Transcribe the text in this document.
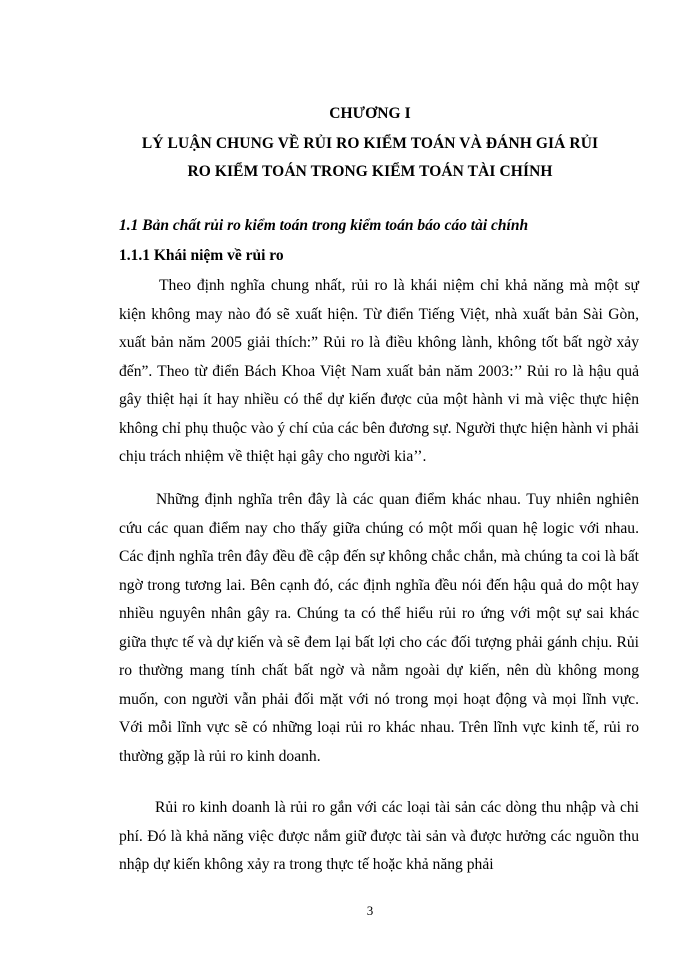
CHƯƠNG I
LÝ LUẬN CHUNG VỀ RỦI RO KIỂM TOÁN VÀ ĐÁNH GIÁ RỦI
RO KIỂM TOÁN TRONG KIỂM TOÁN TÀI CHÍNH
1.1 Bản chất rủi ro kiểm toán trong kiểm toán báo cáo tài chính
1.1.1 Khái niệm về rủi ro

Theo định nghĩa chung nhất, rủi ro là khái niệm chỉ khả năng mà một sự kiện không may nào đó sẽ xuất hiện. Từ điển Tiếng Việt, nhà xuất bản Sài Gòn, xuất bản năm 2005 giải thích:” Rủi ro là điều không lành, không tốt bất ngờ xảy đến”. Theo từ điển Bách Khoa Việt Nam xuất bản năm 2003:’’ Rủi ro là hậu quả gây thiệt hại ít hay nhiều có thể dự kiến được của một hành vi mà việc thực hiện không chỉ phụ thuộc vào ý chí của các bên đương sự. Người thực hiện hành vi phải chịu trách nhiệm về thiệt hại gây cho người kia’’.

Những định nghĩa trên đây là các quan điểm khác nhau. Tuy nhiên nghiên cứu các quan điểm nay cho thấy giữa chúng có một mối quan hệ logic với nhau. Các định nghĩa trên đây đều đề cập đến sự không chắc chắn, mà chúng ta coi là bất ngờ trong tương lai. Bên cạnh đó, các định nghĩa đều nói đến hậu quả do một hay nhiều nguyên nhân gây ra. Chúng ta có thể hiểu rủi ro ứng với một sự sai khác giữa thực tế và dự kiến và sẽ đem lại bất lợi cho các đối tượng phải gánh chịu. Rủi ro thường mang tính chất bất ngờ và nằm ngoài dự kiến, nên dù không mong muốn, con người vẫn phải đối mặt với nó trong mọi hoạt động và mọi lĩnh vực. Với mỗi lĩnh vực sẽ có những loại rủi ro khác nhau. Trên lĩnh vực kinh tế, rủi ro thường gặp là rủi ro kinh doanh.

Rủi ro kinh doanh là rủi ro gắn với các loại tài sản các dòng thu nhập và chi phí. Đó là khả năng việc được nắm giữ được tài sản và được hưởng các nguồn thu nhập dự kiến không xảy ra trong thực tế hoặc khả năng phải

3
